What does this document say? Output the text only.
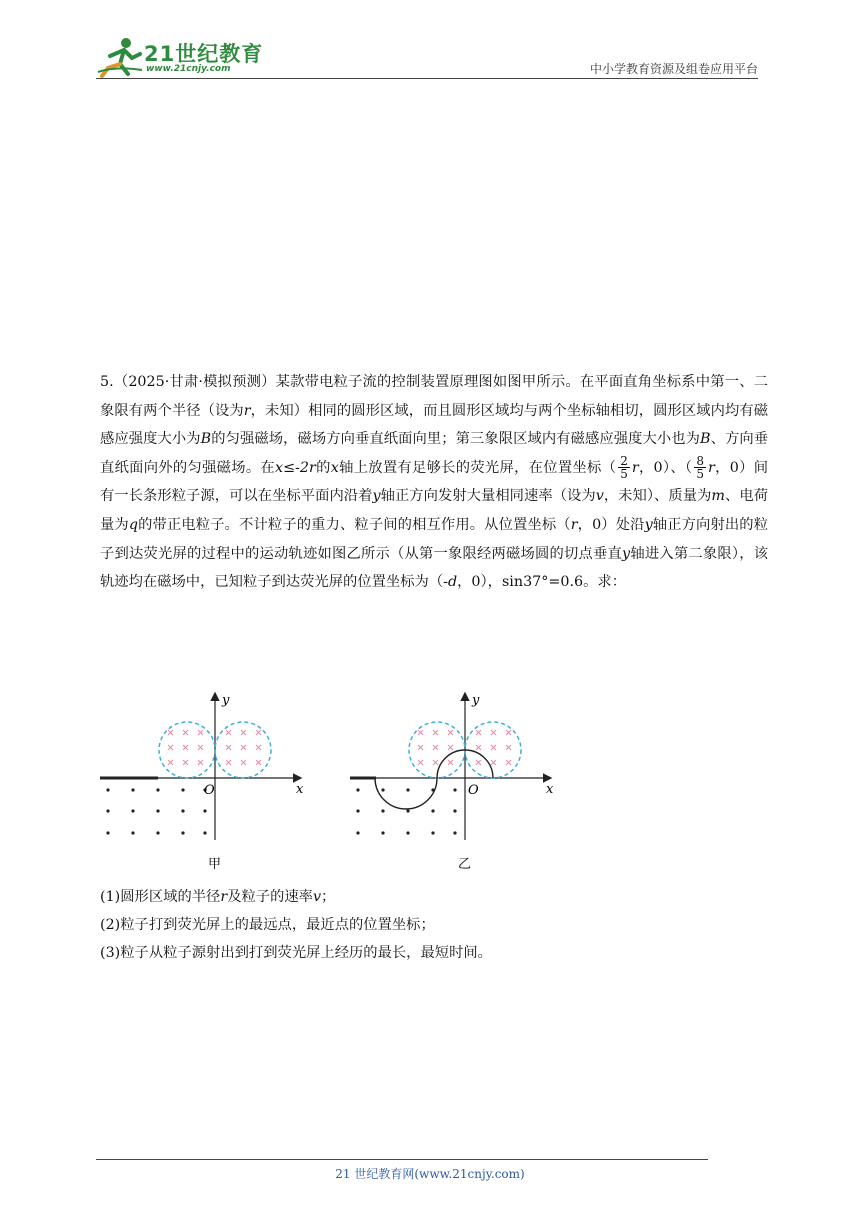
21世纪教育
www.21cnjy.com	中小学教育资源及组卷应用平台

5.（2025·甘肃·模拟预测）某款带电粒子流的控制装置原理图如图甲所示。在平面直角坐标系中第一、二象限有两个半径（设为r，未知）相同的圆形区域，而且圆形区域均与两个坐标轴相切，圆形区域内均有磁感应强度大小为B的匀强磁场，磁场方向垂直纸面向里；第三象限区域内有磁感应强度大小也为B、方向垂直纸面向外的匀强磁场。在x≤-2r的x轴上放置有足够长的荧光屏，在位置坐标（ $\frac{2}{5}$ r，0）、（ $\frac{8}{5}$ r，0）间有一长条形粒子源，可以在坐标平面内沿着y轴正方向发射大量相同速率（设为v，未知）、质量为m、电荷量为q的带正电粒子。不计粒子的重力、粒子间的相互作用。从位置坐标（r，0）处沿y轴正方向射出的粒子到达荧光屏的过程中的运动轨迹如图乙所示（从第一象限经两磁场圆的切点垂直y轴进入第二象限），该轨迹均在磁场中，已知粒子到达荧光屏的位置坐标为（-d，0），sin37°=0.6。求：

x
y
O
甲
x
y
O
乙
(1)圆形区域的半径r及粒子的速率v；
(2)粒子打到荧光屏上的最远点，最近点的位置坐标；
(3)粒子从粒子源射出到打到荧光屏上经历的最长，最短时间。
21 世纪教育网(www.21cnjy.com)
